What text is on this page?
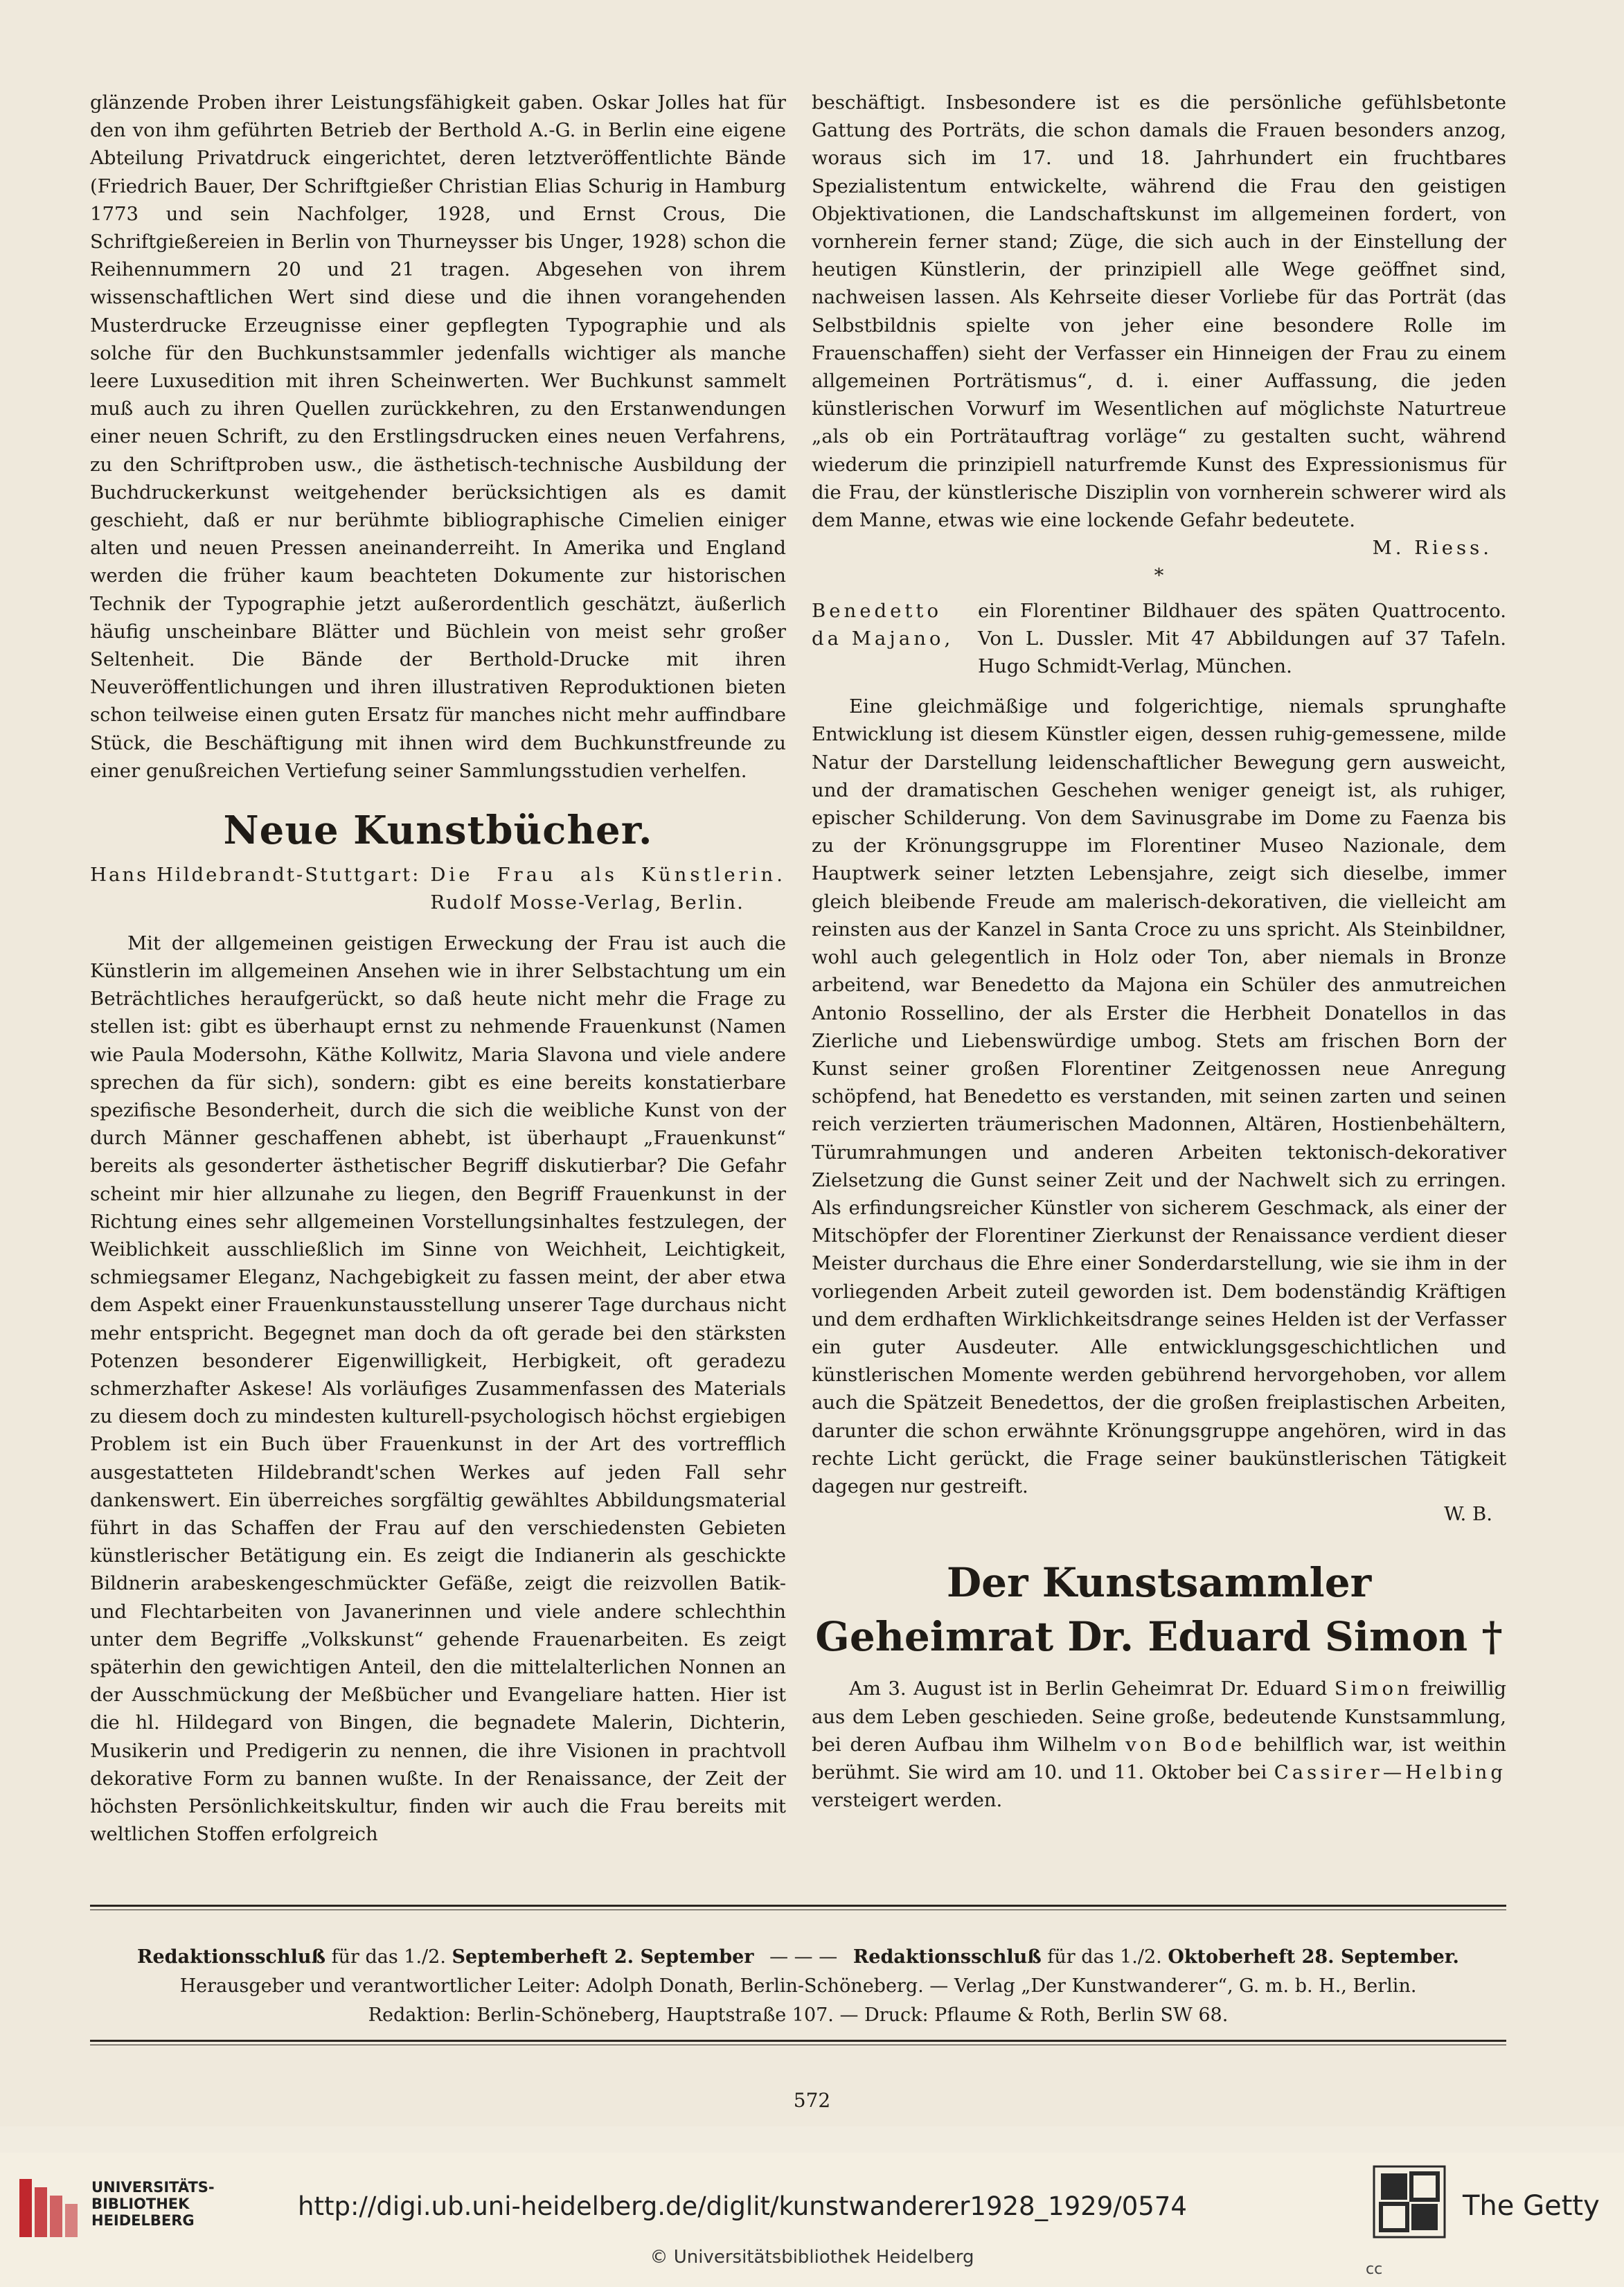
glänzende Proben ihrer Leistungsfähigkeit gaben. Oskar Jolles hat für den von ihm geführten Betrieb der Berthold A.-G. in Berlin eine eigene Abteilung Privatdruck eingerichtet, deren letztveröffentlichte Bände (Friedrich Bauer, Der Schriftgießer Christian Elias Schurig in Hamburg 1773 und sein Nachfolger, 1928, und Ernst Crous, Die Schriftgießereien in Berlin von Thurneysser bis Unger, 1928) schon die Reihennummern 20 und 21 tragen. Abgesehen von ihrem wissenschaftlichen Wert sind diese und die ihnen vorangehenden Musterdrucke Erzeugnisse einer gepflegten Typographie und als solche für den Buchkunstsammler jedenfalls wichtiger als manche leere Luxusedition mit ihren Scheinwerten. Wer Buchkunst sammelt muß auch zu ihren Quellen zurückkehren, zu den Erstanwendungen einer neuen Schrift, zu den Erstlingsdrucken eines neuen Verfahrens, zu den Schriftproben usw., die ästhetisch-technische Ausbildung der Buchdruckerkunst weitgehender berücksichtigen als es damit geschieht, daß er nur berühmte bibliographische Cimelien einiger alten und neuen Pressen aneinanderreiht. In Amerika und England werden die früher kaum beachteten Dokumente zur historischen Technik der Typographie jetzt außerordentlich geschätzt, äußerlich häufig unscheinbare Blätter und Büchlein von meist sehr großer Seltenheit. Die Bände der Berthold-Drucke mit ihren Neuveröffentlichungen und ihren illustrativen Reproduktionen bieten schon teilweise einen guten Ersatz für manches nicht mehr auffindbare Stück, die Beschäftigung mit ihnen wird dem Buchkunstfreunde zu einer genußreichen Vertiefung seiner Sammlungsstudien verhelfen.

Neue Kunstbücher.
Hans Hildebrandt-Stuttgart: Die Frau als Künstlerin. Rudolf Mosse-Verlag, Berlin.

Mit der allgemeinen geistigen Erweckung der Frau ist auch die Künstlerin im allgemeinen Ansehen wie in ihrer Selbstachtung um ein Beträchtliches heraufgerückt, so daß heute nicht mehr die Frage zu stellen ist: gibt es überhaupt ernst zu nehmende Frauenkunst (Namen wie Paula Modersohn, Käthe Kollwitz, Maria Slavona und viele andere sprechen da für sich), sondern: gibt es eine bereits konstatierbare spezifische Besonderheit, durch die sich die weibliche Kunst von der durch Männer geschaffenen abhebt, ist überhaupt „Frauenkunst“ bereits als gesonderter ästhetischer Begriff diskutierbar? Die Gefahr scheint mir hier allzunahe zu liegen, den Begriff Frauenkunst in der Richtung eines sehr allgemeinen Vorstellungsinhaltes festzulegen, der Weiblichkeit ausschließlich im Sinne von Weichheit, Leichtigkeit, schmiegsamer Eleganz, Nachgebigkeit zu fassen meint, der aber etwa dem Aspekt einer Frauenkunstausstellung unserer Tage durchaus nicht mehr entspricht. Begegnet man doch da oft gerade bei den stärksten Potenzen besonderer Eigenwilligkeit, Herbigkeit, oft geradezu schmerzhafter Askese! Als vorläufiges Zusammenfassen des Materials zu diesem doch zu mindesten kulturell-psychologisch höchst ergiebigen Problem ist ein Buch über Frauenkunst in der Art des vortrefflich ausgestatteten Hildebrandt'schen Werkes auf jeden Fall sehr dankenswert. Ein überreiches sorgfältig gewähltes Abbildungsmaterial führt in das Schaffen der Frau auf den verschiedensten Gebieten künstlerischer Betätigung ein. Es zeigt die Indianerin als geschickte Bildnerin arabeskengeschmückter Gefäße, zeigt die reizvollen Batik- und Flechtarbeiten von Javanerinnen und viele andere schlechthin unter dem Begriffe „Volkskunst“ gehende Frauenarbeiten. Es zeigt späterhin den gewichtigen Anteil, den die mittelalterlichen Nonnen an der Ausschmückung der Meßbücher und Evangeliare hatten. Hier ist die hl. Hildegard von Bingen, die begnadete Malerin, Dichterin, Musikerin und Predigerin zu nennen, die ihre Visionen in prachtvoll dekorative Form zu bannen wußte. In der Renaissance, der Zeit der höchsten Persönlichkeitskultur, finden wir auch die Frau bereits mit weltlichen Stoffen erfolgreich

beschäftigt. Insbesondere ist es die persönliche gefühlsbetonte Gattung des Porträts, die schon damals die Frauen besonders anzog, woraus sich im 17. und 18. Jahrhundert ein fruchtbares Spezialistentum entwickelte, während die Frau den geistigen Objektivationen, die Landschaftskunst im allgemeinen fordert, von vornherein ferner stand; Züge, die sich auch in der Einstellung der heutigen Künstlerin, der prinzipiell alle Wege geöffnet sind, nachweisen lassen. Als Kehrseite dieser Vorliebe für das Porträt (das Selbstbildnis spielte von jeher eine besondere Rolle im Frauenschaffen) sieht der Verfasser ein Hinneigen der Frau zu einem allgemeinen Porträtismus“, d. i. einer Auffassung, die jeden künstlerischen Vorwurf im Wesentlichen auf möglichste Naturtreue „als ob ein Porträtauftrag vorläge“ zu gestalten sucht, während wiederum die prinzipiell naturfremde Kunst des Expressionismus für die Frau, der künstlerische Disziplin von vornherein schwerer wird als dem Manne, etwas wie eine lockende Gefahr bedeutete.

M. Riess.

*

Benedetto da Majano,
ein Florentiner Bildhauer des späten Quattrocento. Von L. Dussler. Mit 47 Abbildungen auf 37 Tafeln. Hugo Schmidt-Verlag, München.

Eine gleichmäßige und folgerichtige, niemals sprunghafte Entwicklung ist diesem Künstler eigen, dessen ruhig-gemessene, milde Natur der Darstellung leidenschaftlicher Bewegung gern ausweicht, und der dramatischen Geschehen weniger geneigt ist, als ruhiger, epischer Schilderung. Von dem Savinusgrabe im Dome zu Faenza bis zu der Krönungsgruppe im Florentiner Museo Nazionale, dem Hauptwerk seiner letzten Lebensjahre, zeigt sich dieselbe, immer gleich bleibende Freude am malerisch-dekorativen, die vielleicht am reinsten aus der Kanzel in Santa Croce zu uns spricht. Als Steinbildner, wohl auch gelegentlich in Holz oder Ton, aber niemals in Bronze arbeitend, war Benedetto da Majona ein Schüler des anmutreichen Antonio Rossellino, der als Erster die Herbheit Donatellos in das Zierliche und Liebenswürdige umbog. Stets am frischen Born der Kunst seiner großen Florentiner Zeitgenossen neue Anregung schöpfend, hat Benedetto es verstanden, mit seinen zarten und seinen reich verzierten träumerischen Madonnen, Altären, Hostienbehältern, Türumrahmungen und anderen Arbeiten tektonisch-dekorativer Zielsetzung die Gunst seiner Zeit und der Nachwelt sich zu erringen. Als erfindungsreicher Künstler von sicherem Geschmack, als einer der Mitschöpfer der Florentiner Zierkunst der Renaissance verdient dieser Meister durchaus die Ehre einer Sonderdarstellung, wie sie ihm in der vorliegenden Arbeit zuteil geworden ist. Dem bodenständig Kräftigen und dem erdhaften Wirklichkeitsdrange seines Helden ist der Verfasser ein guter Ausdeuter. Alle entwicklungsgeschichtlichen und künstlerischen Momente werden gebührend hervorgehoben, vor allem auch die Spätzeit Benedettos, der die großen freiplastischen Arbeiten, darunter die schon erwähnte Krönungsgruppe angehören, wird in das rechte Licht gerückt, die Frage seiner baukünstlerischen Tätigkeit dagegen nur gestreift.

W. B.

Der Kunstsammler
Geheimrat Dr. Eduard Simon †

Am 3. August ist in Berlin Geheimrat Dr. Eduard Simon freiwillig aus dem Leben geschieden. Seine große, bedeutende Kunstsammlung, bei deren Aufbau ihm Wilhelm von Bode behilflich war, ist weithin berühmt. Sie wird am 10. und 11. Oktober bei Cassirer—Helbing versteigert werden.

Redaktionsschluß für das 1./2. Septemberheft 2. September — — — Redaktionsschluß für das 1./2. Oktoberheft 28. September.
Herausgeber und verantwortlicher Leiter: Adolph Donath, Berlin-Schöneberg. — Verlag „Der Kunstwanderer“, G. m. b. H., Berlin.
Redaktion: Berlin-Schöneberg, Hauptstraße 107. — Druck: Pflaume & Roth, Berlin SW 68.
572
UNIVERSITÄTS-
BIBLIOTHEK
HEIDELBERG	http://digi.ub.uni-heidelberg.de/diglit/kunstwanderer1928_1929/0574
© Universitätsbibliothek Heidelberg
The Getty
cc
